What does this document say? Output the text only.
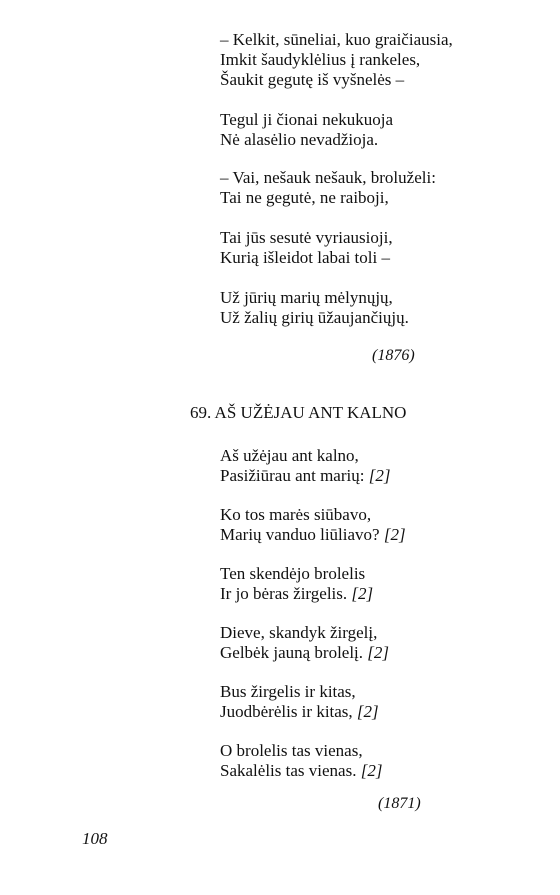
– Kelkit, sūneliai, kuo graičiausia,
Imkit šaudyklėlius į rankeles,
Šaukit gegutę iš vyšnelės –
Tegul ji čionai nekukuoja
Nė alasėlio nevadžioja.
– Vai, nešauk nešauk, broluželi:
Tai ne gegutė, ne raiboji,
Tai jūs sesutė vyriausioji,
Kurią išleidot labai toli –
Už jūrių marių mėlynųjų,
Už žalių girių ūžaujančiųjų.
(1876)
69. AŠ UŽĖJAU ANT KALNO
Aš užėjau ant kalno,
Pasižiūrau ant marių: [2]
Ko tos marės siūbavo,
Marių vanduo liūliavo? [2]
Ten skendėjo brolelis
Ir jo bėras žirgelis. [2]
Dieve, skandyk žirgelį,
Gelbėk jauną brolelį. [2]
Bus žirgelis ir kitas,
Juodbėrėlis ir kitas, [2]
O brolelis tas vienas,
Sakalėlis tas vienas. [2]
(1871)
108
